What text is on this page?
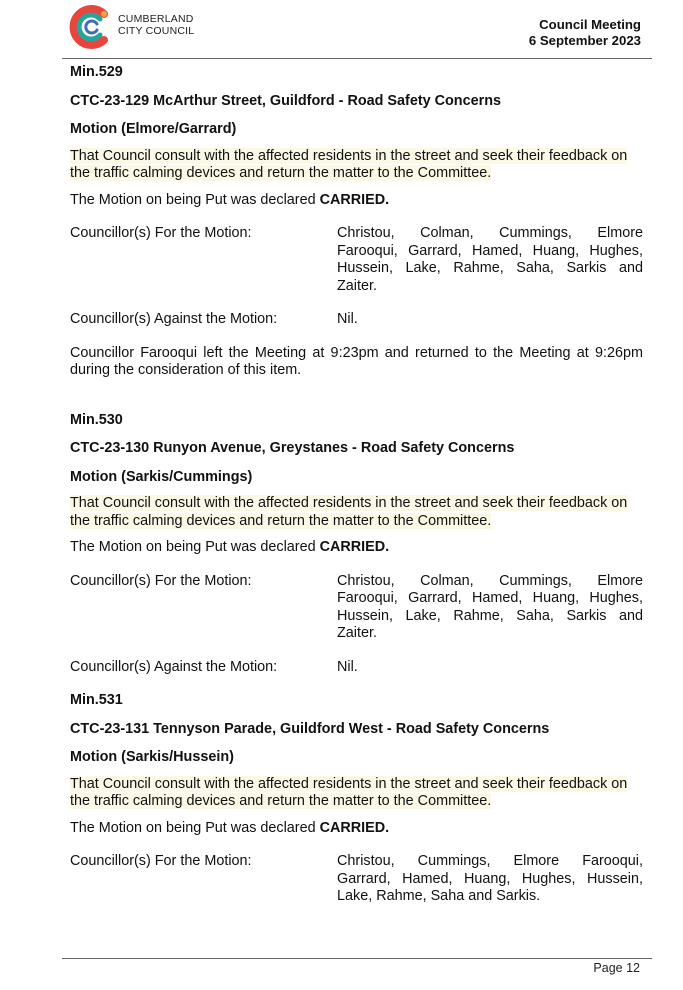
CUMBERLAND
CITY COUNCIL	Council Meeting
6 September 2023
Min.529
CTC-23-129 McArthur Street, Guildford - Road Safety Concerns
Motion (Elmore/Garrard)
That Council consult with the affected residents in the street and seek their feedback on the traffic calming devices and return the matter to the Committee.
The Motion on being Put was declared CARRIED.
Councillor(s) For the Motion:	Christou, Colman, Cummings, Elmore Farooqui, Garrard, Hamed, Huang, Hughes, Hussein, Lake, Rahme, Saha, Sarkis and Zaiter.
Councillor(s) Against the Motion:	Nil.
Councillor Farooqui left the Meeting at 9:23pm and returned to the Meeting at 9:26pm during the consideration of this item.
Min.530
CTC-23-130 Runyon Avenue, Greystanes - Road Safety Concerns
Motion (Sarkis/Cummings)
That Council consult with the affected residents in the street and seek their feedback on the traffic calming devices and return the matter to the Committee.
The Motion on being Put was declared CARRIED.
Councillor(s) For the Motion:	Christou, Colman, Cummings, Elmore Farooqui, Garrard, Hamed, Huang, Hughes, Hussein, Lake, Rahme, Saha, Sarkis and Zaiter.
Councillor(s) Against the Motion:	Nil.
Min.531
CTC-23-131 Tennyson Parade, Guildford West - Road Safety Concerns
Motion (Sarkis/Hussein)
That Council consult with the affected residents in the street and seek their feedback on the traffic calming devices and return the matter to the Committee.
The Motion on being Put was declared CARRIED.
Councillor(s) For the Motion:	Christou, Cummings, Elmore Farooqui, Garrard, Hamed, Huang, Hughes, Hussein, Lake, Rahme, Saha and Sarkis.
Page 12
